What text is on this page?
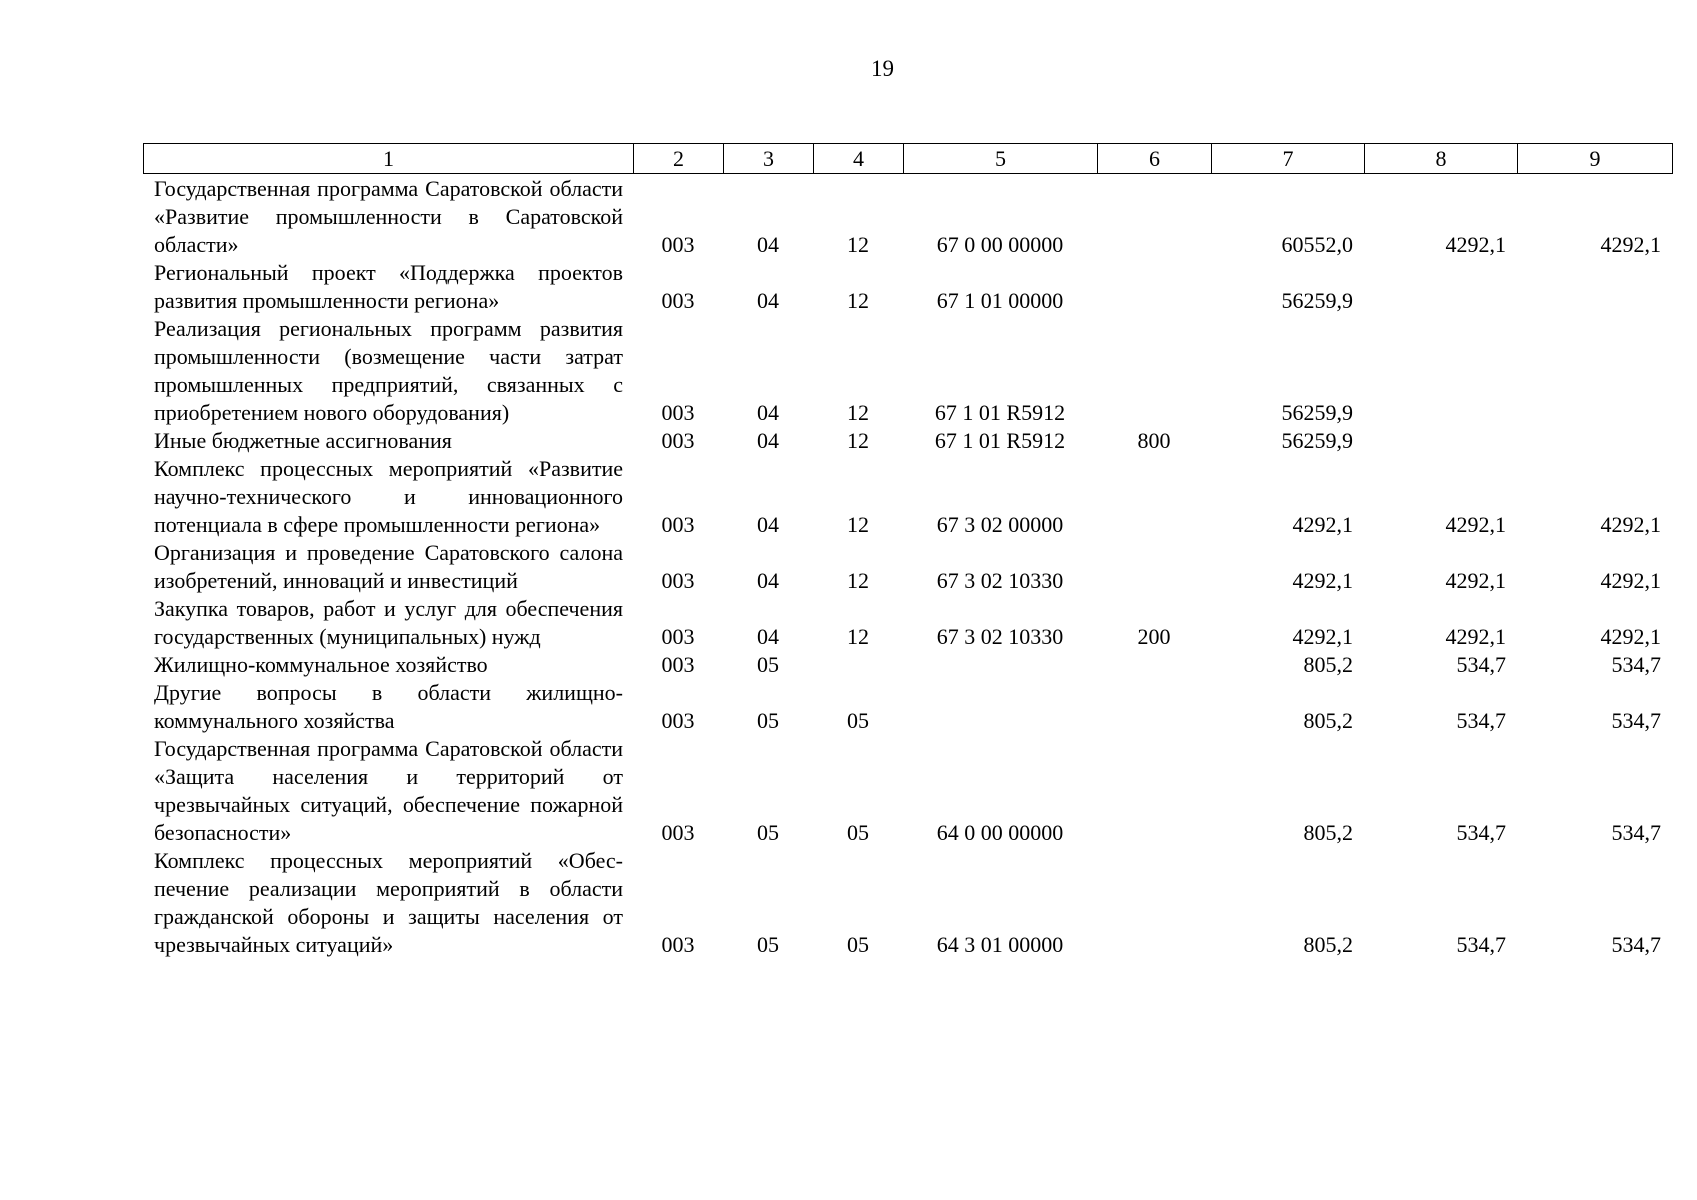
19
1	2	3	4	5	6	7	8	9
Государственная программа Саратовской области «Развитие промышленности в Саратовской области»	003	04	12	67 0 00 00000		60552,0	4292,1	4292,1
Региональный проект «Поддержка проектов развития промышленности региона»	003	04	12	67 1 01 00000		56259,9		
Реализация региональных программ развития промышленности (возмещение части затрат промышленных предприятий, связанных с приобретением нового оборудования)	003	04	12	67 1 01 R5912		56259,9		
Иные бюджетные ассигнования	003	04	12	67 1 01 R5912	800	56259,9		
Комплекс процессных мероприятий «Развитие научно-технического и инновационного потенциала в сфере промышленности региона»	003	04	12	67 3 02 00000		4292,1	4292,1	4292,1
Организация и проведение Саратовского салона изобретений, инноваций и инвестиций	003	04	12	67 3 02 10330		4292,1	4292,1	4292,1
Закупка товаров, работ и услуг для обеспечения государственных (муниципальных) нужд	003	04	12	67 3 02 10330	200	4292,1	4292,1	4292,1
Жилищно-коммунальное хозяйство	003	05				805,2	534,7	534,7
Другие вопросы в области жилищно-коммунального хозяйства	003	05	05			805,2	534,7	534,7
Государственная программа Саратовской области «Защита населения и территорий от чрезвычайных ситуаций, обеспечение пожарной безопасности»	003	05	05	64 0 00 00000		805,2	534,7	534,7
Комплекс процессных мероприятий «Обеспечение реализации мероприятий в области гражданской обороны и защиты населения от чрезвычайных ситуаций»	003	05	05	64 3 01 00000		805,2	534,7	534,7
